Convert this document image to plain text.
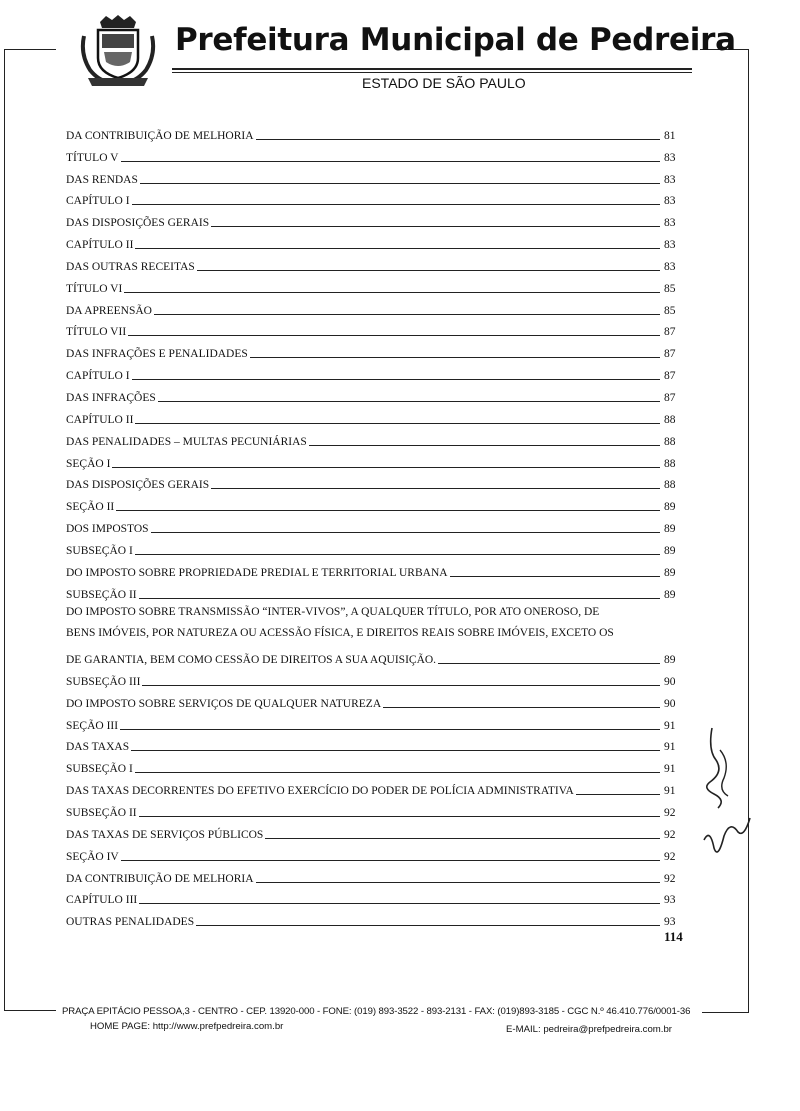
Prefeitura Municipal de Pedreira
ESTADO DE SÃO PAULO
DA CONTRIBUIÇÃO DE MELHORIA	81
TÍTULO V	83
DAS RENDAS	83
CAPÍTULO I	83
DAS DISPOSIÇÕES GERAIS	83
CAPÍTULO II	83
DAS OUTRAS RECEITAS	83
TÍTULO VI	85
DA APREENSÃO	85
TÍTULO VII	87
DAS INFRAÇÕES E PENALIDADES	87
CAPÍTULO I	87
DAS INFRAÇÕES	87
CAPÍTULO II	88
DAS PENALIDADES – MULTAS PECUNIÁRIAS	88
SEÇÃO I	88
DAS DISPOSIÇÕES GERAIS	88
SEÇÃO II	89
DOS IMPOSTOS	89
SUBSEÇÃO I	89
DO IMPOSTO SOBRE PROPRIEDADE PREDIAL E TERRITORIAL URBANA	89
SUBSEÇÃO II	89
DO IMPOSTO SOBRE TRANSMISSÃO “INTER-VIVOS”, A QUALQUER TÍTULO, POR ATO ONEROSO, DE
BENS IMÓVEIS, POR NATUREZA OU ACESSÃO FÍSICA, E DIREITOS REAIS SOBRE IMÓVEIS, EXCETO OS
DE GARANTIA, BEM COMO CESSÃO DE DIREITOS A SUA AQUISIÇÃO.	89
SUBSEÇÃO III	90
DO IMPOSTO SOBRE SERVIÇOS DE QUALQUER NATUREZA	90
SEÇÃO III	91
DAS TAXAS	91
SUBSEÇÃO I	91
DAS TAXAS DECORRENTES DO EFETIVO EXERCÍCIO DO PODER DE POLÍCIA ADMINISTRATIVA	91
SUBSEÇÃO II	92
DAS TAXAS DE SERVIÇOS PÚBLICOS	92
SEÇÃO IV	92
DA CONTRIBUIÇÃO DE MELHORIA	92
CAPÍTULO III	93
OUTRAS PENALIDADES	93
114
PRAÇA EPITÁCIO PESSOA,3 - CENTRO - CEP. 13920-000 - FONE: (019) 893-3522 - 893-2131 - FAX: (019)893-3185 - CGC N.º 46.410.776/0001-36
HOME PAGE: http://www.prefpedreira.com.br	E-MAIL: pedreira@prefpedreira.com.br
